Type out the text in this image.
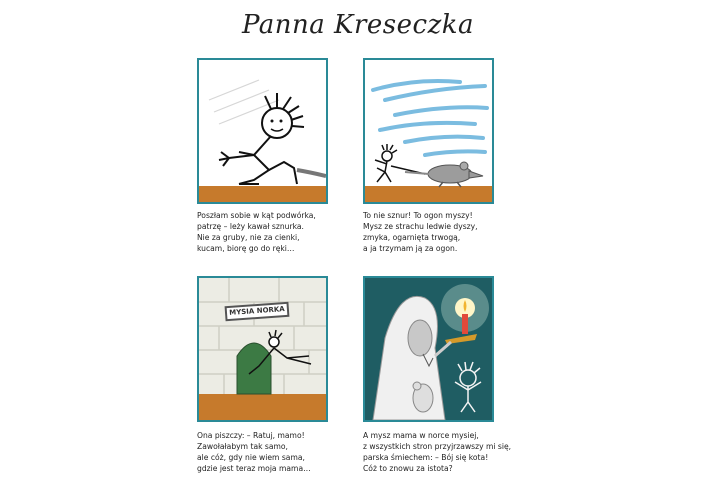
Panna Kreseczka
Poszłam sobie w kąt podwórka,
patrzę – leży kawał sznurka.
Nie za gruby, nie za cienki,
kucam, biorę go do ręki…
To nie sznur! To ogon myszy!
Mysz ze strachu ledwie dyszy,
zmyka, ogarnięta trwogą,
a ja trzymam ją za ogon.
MYSIA NORKA
Ona piszczy: – Ratuj, mamo!
Zawołałabym tak samo,
ale cóż, gdy nie wiem sama,
gdzie jest teraz moja mama…
A mysz mama w norce mysiej,
z wszystkich stron przyjrzawszy mi się,
parska śmiechem: – Bój się kota!
Cóż to znowu za istota?
